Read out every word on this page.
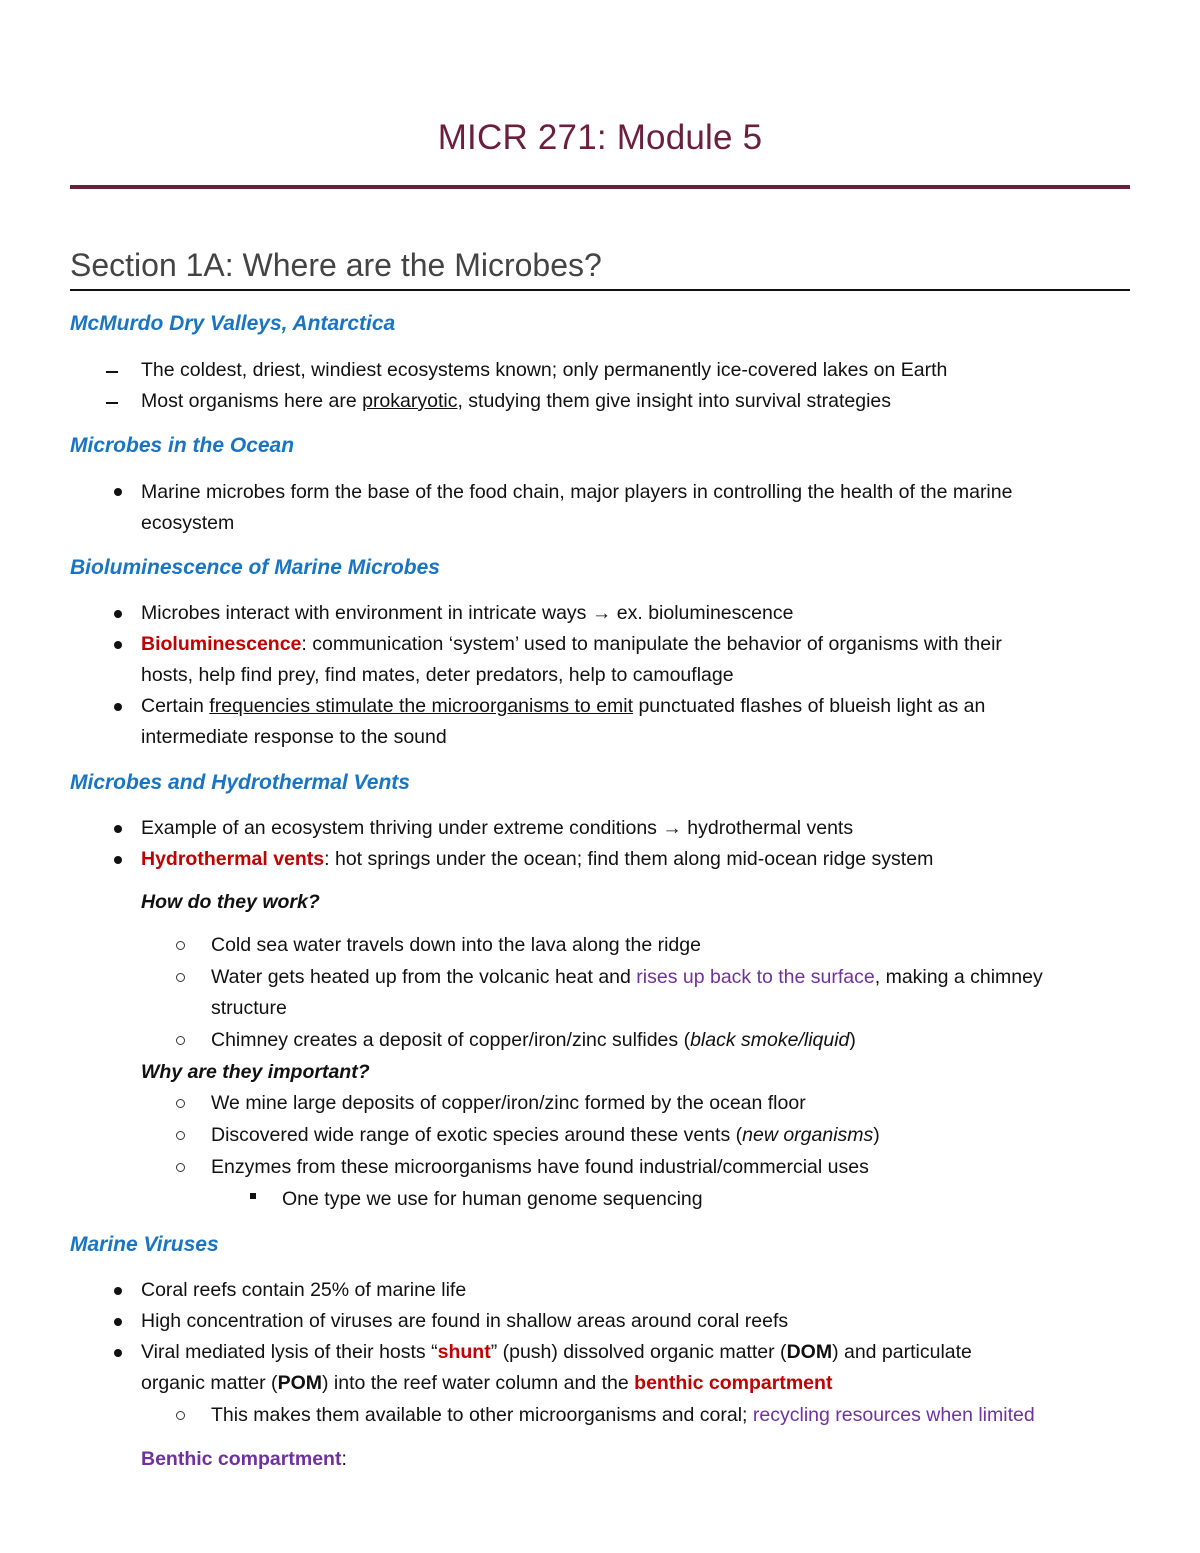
MICR 271: Module 5
Section 1A: Where are the Microbes?
McMurdo Dry Valleys, Antarctica
The coldest, driest, windiest ecosystems known; only permanently ice-covered lakes on Earth
Most organisms here are prokaryotic, studying them give insight into survival strategies
Microbes in the Ocean
Marine microbes form the base of the food chain, major players in controlling the health of the marine
ecosystem
Bioluminescence of Marine Microbes
Microbes interact with environment in intricate ways → ex. bioluminescence
Bioluminescence: communication ‘system’ used to manipulate the behavior of organisms with their
hosts, help find prey, find mates, deter predators, help to camouflage
Certain frequencies stimulate the microorganisms to emit punctuated flashes of blueish light as an
intermediate response to the sound
Microbes and Hydrothermal Vents
Example of an ecosystem thriving under extreme conditions → hydrothermal vents
Hydrothermal vents: hot springs under the ocean; find them along mid-ocean ridge system
How do they work?
Cold sea water travels down into the lava along the ridge
Water gets heated up from the volcanic heat and rises up back to the surface, making a chimney
structure
Chimney creates a deposit of copper/iron/zinc sulfides (black smoke/liquid)
Why are they important?
We mine large deposits of copper/iron/zinc formed by the ocean floor
Discovered wide range of exotic species around these vents (new organisms)
Enzymes from these microorganisms have found industrial/commercial uses
One type we use for human genome sequencing
Marine Viruses
Coral reefs contain 25% of marine life
High concentration of viruses are found in shallow areas around coral reefs
Viral mediated lysis of their hosts “shunt” (push) dissolved organic matter (DOM) and particulate
organic matter (POM) into the reef water column and the benthic compartment
This makes them available to other microorganisms and coral; recycling resources when limited
Benthic compartment:
